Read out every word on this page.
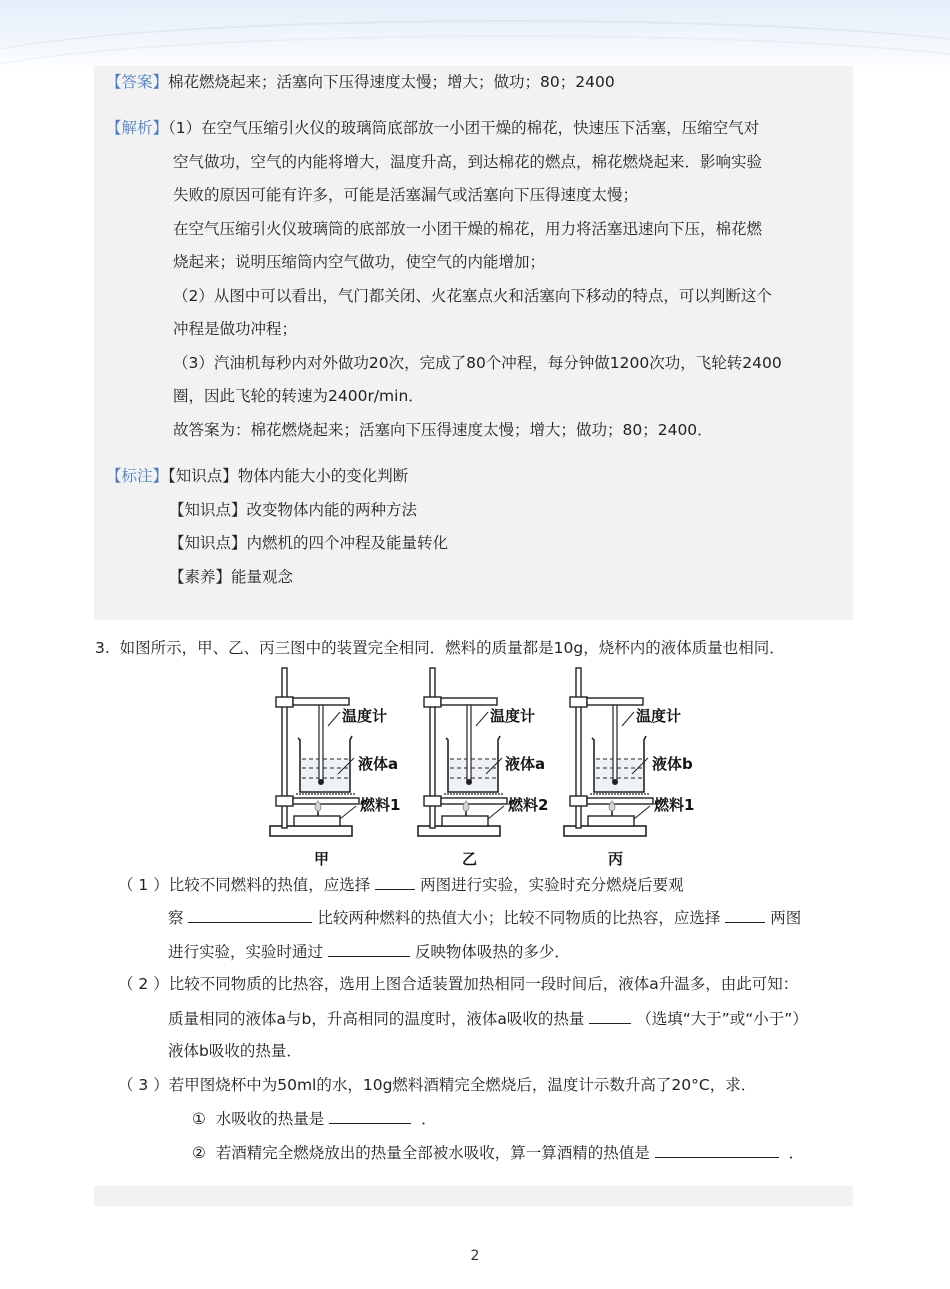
【答案】棉花燃烧起来；活塞向下压得速度太慢；增大；做功；80；2400
【解析】（1）在空气压缩引火仪的玻璃筒底部放一小团干燥的棉花，快速压下活塞，压缩空气对
空气做功，空气的内能将增大，温度升高，到达棉花的燃点，棉花燃烧起来．影响实验
失败的原因可能有许多，可能是活塞漏气或活塞向下压得速度太慢；
在空气压缩引火仪玻璃筒的底部放一小团干燥的棉花，用力将活塞迅速向下压，棉花燃
烧起来；说明压缩筒内空气做功，使空气的内能增加；
（2）从图中可以看出，气门都关闭、火花塞点火和活塞向下移动的特点，可以判断这个
冲程是做功冲程；
（3）汽油机每秒内对外做功20次，完成了80个冲程，每分钟做1200次功，飞轮转2400
圈，因此飞轮的转速为2400r/min．
故答案为：棉花燃烧起来；活塞向下压得速度太慢；增大；做功；80；2400．
【标注】【知识点】物体内能大小的变化判断
【知识点】改变物体内能的两种方法
【知识点】内燃机的四个冲程及能量转化
【素养】能量观念
3. 如图所示，甲、乙、丙三图中的装置完全相同．燃料的质量都是10g，烧杯内的液体质量也相同．
温度计
液体a
燃料1
甲
温度计
液体a
燃料2
乙
温度计
液体b
燃料1
丙
（ 1 ）比较不同燃料的热值，应选择	两图进行实验，实验时充分燃烧后要观
察	比较两种燃料的热值大小；比较不同物质的比热容，应选择	两图
进行实验，实验时通过	反映物体吸热的多少．
（ 2 ）比较不同物质的比热容，选用上图合适装置加热相同一段时间后，液体a升温多，由此可知：
质量相同的液体a与b，升高相同的温度时，液体a吸收的热量	（选填“大于”或“小于”）
液体b吸收的热量．
（ 3 ）若甲图烧杯中为50ml的水，10g燃料酒精完全燃烧后，温度计示数升高了20°C，求．
① 水吸收的热量是	．
② 若酒精完全燃烧放出的热量全部被水吸收，算一算酒精的热值是	．
2
